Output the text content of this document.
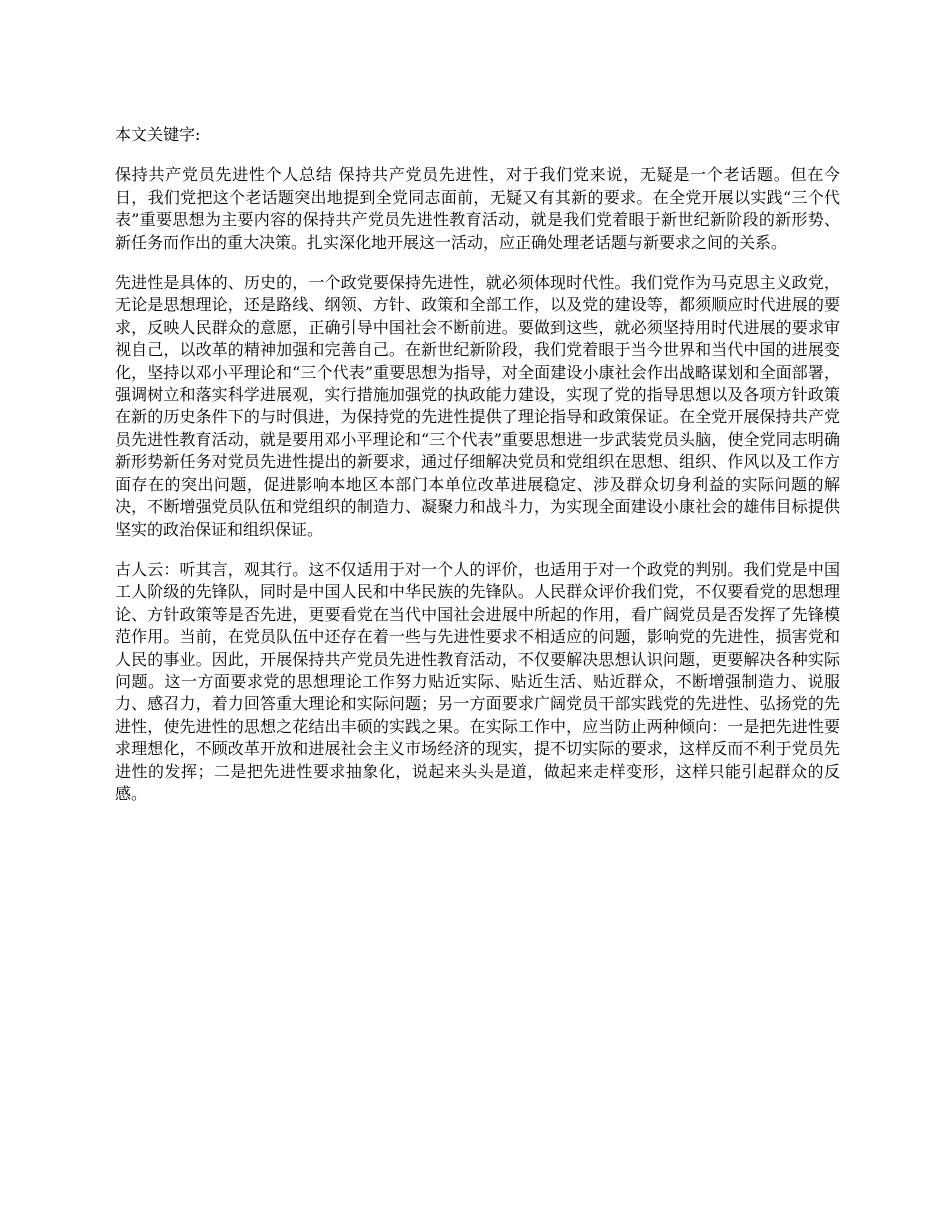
本文关键字:

保持共产党员先进性个人总结 保持共产党员先进性，对于我们党来说，无疑是一个老话题。但在今日，我们党把这个老话题突出地提到全党同志面前，无疑又有其新的要求。在全党开展以实践“三个代表”重要思想为主要内容的保持共产党员先进性教育活动，就是我们党着眼于新世纪新阶段的新形势、新任务而作出的重大决策。扎实深化地开展这一活动，应正确处理老话题与新要求之间的关系。

先进性是具体的、历史的，一个政党要保持先进性，就必须体现时代性。我们党作为马克思主义政党，无论是思想理论，还是路线、纲领、方针、政策和全部工作，以及党的建设等，都须顺应时代进展的要求，反映人民群众的意愿，正确引导中国社会不断前进。要做到这些，就必须坚持用时代进展的要求审视自己，以改革的精神加强和完善自己。在新世纪新阶段，我们党着眼于当今世界和当代中国的进展变化，坚持以邓小平理论和“三个代表”重要思想为指导，对全面建设小康社会作出战略谋划和全面部署，强调树立和落实科学进展观，实行措施加强党的执政能力建设，实现了党的指导思想以及各项方针政策在新的历史条件下的与时俱进，为保持党的先进性提供了理论指导和政策保证。在全党开展保持共产党员先进性教育活动，就是要用邓小平理论和“三个代表”重要思想进一步武装党员头脑，使全党同志明确新形势新任务对党员先进性提出的新要求，通过仔细解决党员和党组织在思想、组织、作风以及工作方面存在的突出问题，促进影响本地区本部门本单位改革进展稳定、涉及群众切身利益的实际问题的解决，不断增强党员队伍和党组织的制造力、凝聚力和战斗力，为实现全面建设小康社会的雄伟目标提供坚实的政治保证和组织保证。

古人云：听其言，观其行。这不仅适用于对一个人的评价，也适用于对一个政党的判别。我们党是中国工人阶级的先锋队，同时是中国人民和中华民族的先锋队。人民群众评价我们党，不仅要看党的思想理论、方针政策等是否先进，更要看党在当代中国社会进展中所起的作用，看广阔党员是否发挥了先锋模范作用。当前，在党员队伍中还存在着一些与先进性要求不相适应的问题，影响党的先进性，损害党和人民的事业。因此，开展保持共产党员先进性教育活动，不仅要解决思想认识问题，更要解决各种实际问题。这一方面要求党的思想理论工作努力贴近实际、贴近生活、贴近群众，不断增强制造力、说服力、感召力，着力回答重大理论和实际问题；另一方面要求广阔党员干部实践党的先进性、弘扬党的先进性，使先进性的思想之花结出丰硕的实践之果。在实际工作中，应当防止两种倾向：一是把先进性要求理想化，不顾改革开放和进展社会主义市场经济的现实，提不切实际的要求，这样反而不利于党员先进性的发挥；二是把先进性要求抽象化，说起来头头是道，做起来走样变形，这样只能引起群众的反感。
